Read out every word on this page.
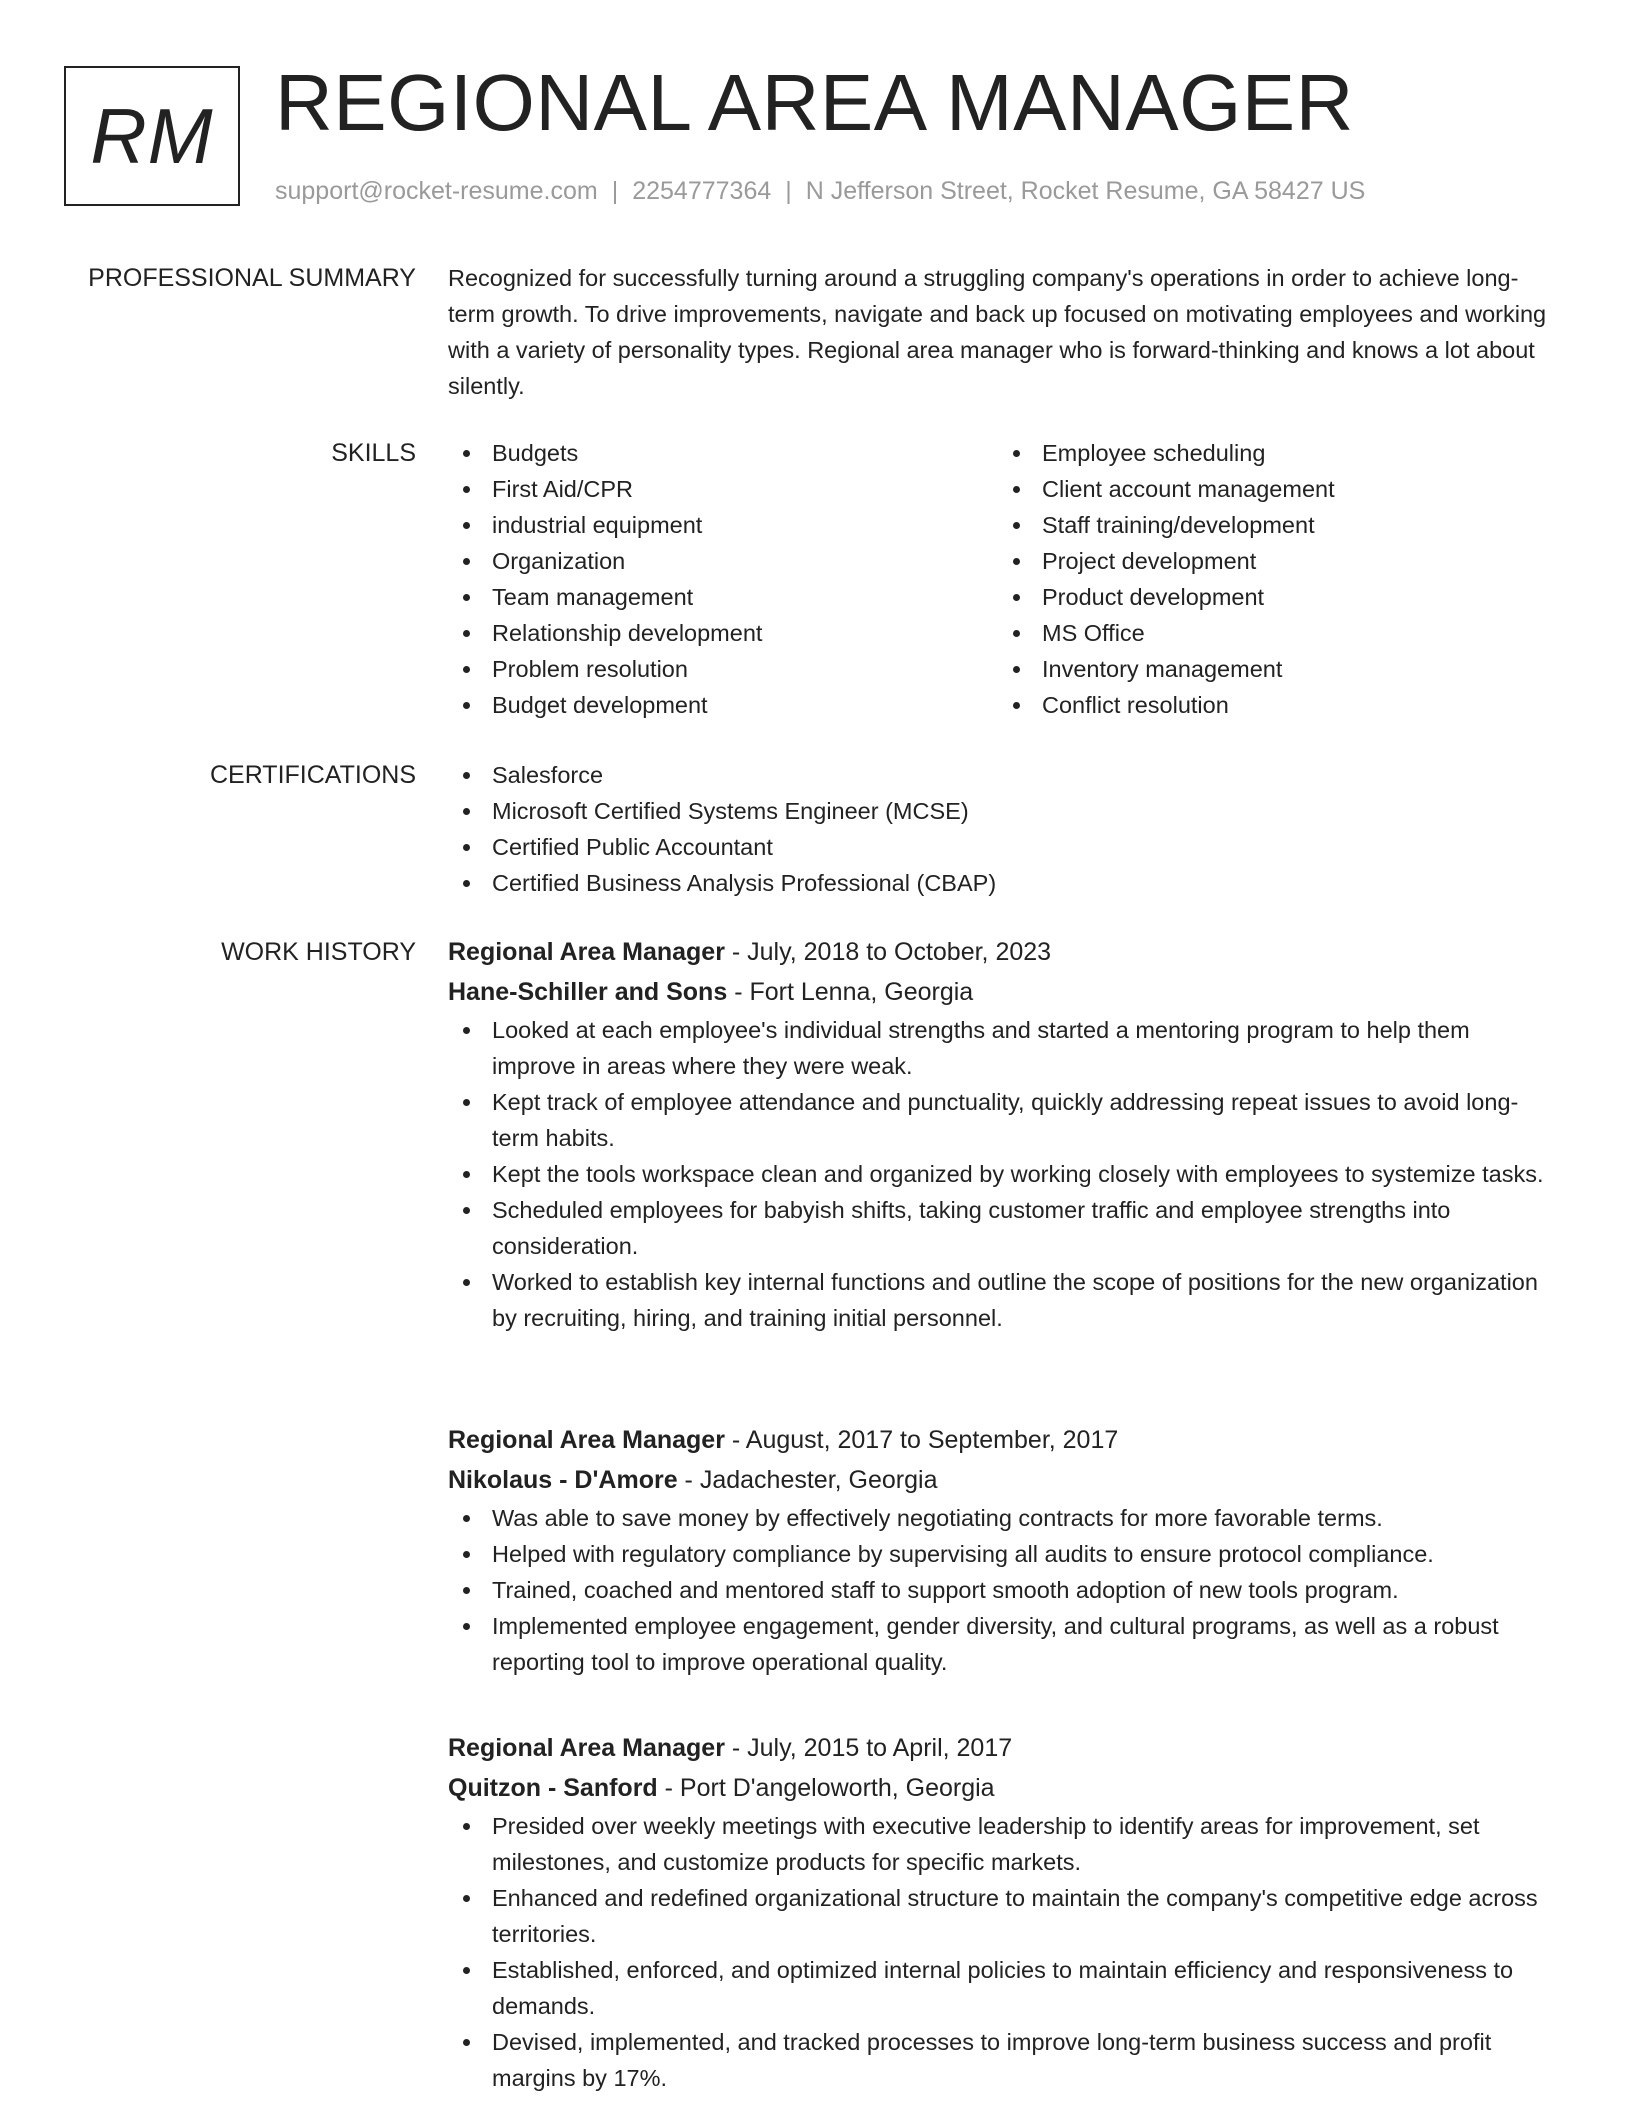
RM REGIONAL AREA MANAGER
support@rocket-resume.com | 2254777364 | N Jefferson Street, Rocket Resume, GA 58427 US
PROFESSIONAL SUMMARY Recognized for successfully turning around a struggling company's operations in order to achieve long-term growth. To drive improvements, navigate and back up focused on motivating employees and working with a variety of personality types. Regional area manager who is forward-thinking and knows a lot about silently.

SKILLS	Budgets
First Aid/CPR
industrial equipment
Organization
Team management
Relationship development
Problem resolution
Budget development
Employee scheduling
Client account management
Staff training/development
Project development
Product development
MS Office
Inventory management
Conflict resolution
CERTIFICATIONS	Salesforce
Microsoft Certified Systems Engineer (MCSE)
Certified Public Accountant
Certified Business Analysis Professional (CBAP)
WORK HISTORY Regional Area Manager - July, 2018 to October, 2023
Hane-Schiller and Sons - Fort Lenna, Georgia
Looked at each employee's individual strengths and started a mentoring program to help them improve in areas where they were weak.
Kept track of employee attendance and punctuality, quickly addressing repeat issues to avoid long-term habits.
Kept the tools workspace clean and organized by working closely with employees to systemize tasks.
Scheduled employees for babyish shifts, taking customer traffic and employee strengths into consideration.
Worked to establish key internal functions and outline the scope of positions for the new organization by recruiting, hiring, and training initial personnel.
Regional Area Manager - August, 2017 to September, 2017
Nikolaus - D'Amore - Jadachester, Georgia
Was able to save money by effectively negotiating contracts for more favorable terms.
Helped with regulatory compliance by supervising all audits to ensure protocol compliance.
Trained, coached and mentored staff to support smooth adoption of new tools program.
Implemented employee engagement, gender diversity, and cultural programs, as well as a robust reporting tool to improve operational quality.
Regional Area Manager - July, 2015 to April, 2017
Quitzon - Sanford - Port D'angeloworth, Georgia
Presided over weekly meetings with executive leadership to identify areas for improvement, set milestones, and customize products for specific markets.
Enhanced and redefined organizational structure to maintain the company's competitive edge across territories.
Established, enforced, and optimized internal policies to maintain efficiency and responsiveness to demands.
Devised, implemented, and tracked processes to improve long-term business success and profit margins by 17%.
